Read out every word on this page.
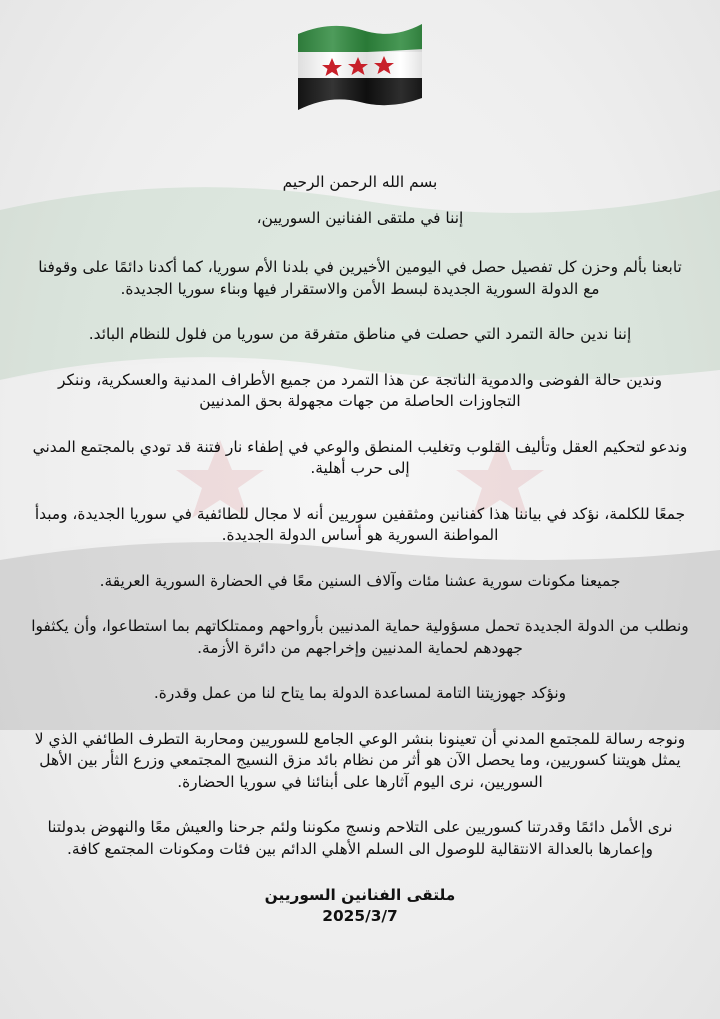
بسم الله الرحمن الرحيم

إننا في ملتقى الفنانين السوريين،

تابعنا بألم وحزن كل تفصيل حصل في اليومين الأخيرين في بلدنا الأم سوريا، كما أكدنا دائمًا على وقوفنا مع الدولة السورية الجديدة لبسط الأمن والاستقرار فيها وبناء سوريا الجديدة.

إننا ندين حالة التمرد التي حصلت في مناطق متفرقة من سوريا من فلول للنظام البائد.

وندين حالة الفوضى والدموية الناتجة عن هذا التمرد من جميع الأطراف المدنية والعسكرية، وننكر التجاوزات الحاصلة من جهات مجهولة بحق المدنيين

وندعو لتحكيم العقل وتأليف القلوب وتغليب المنطق والوعي في إطفاء نار فتنة قد تودي بالمجتمع المدني إلى حرب أهلية.

جمعًا للكلمة، نؤكد في بياننا هذا كفنانين ومثقفين سوريين أنه لا مجال للطائفية في سوريا الجديدة، ومبدأ المواطنة السورية هو أساس الدولة الجديدة.

جميعنا مكونات سورية عشنا مئات وآلاف السنين معًا في الحضارة السورية العريقة.

ونطلب من الدولة الجديدة تحمل مسؤولية حماية المدنيين بأرواحهم وممتلكاتهم بما استطاعوا، وأن يكثفوا جهودهم لحماية المدنيين وإخراجهم من دائرة الأزمة.

ونؤكد جهوزيتنا التامة لمساعدة الدولة بما يتاح لنا من عمل وقدرة.

ونوجه رسالة للمجتمع المدني أن تعينونا بنشر الوعي الجامع للسوريين ومحاربة التطرف الطائفي الذي لا يمثل هويتنا كسوريين، وما يحصل الآن هو أثر من نظام بائد مزق النسيج المجتمعي وزرع الثأر بين الأهل السوريين، نرى اليوم آثارها على أبنائنا في سوريا الحضارة.

نرى الأمل دائمًا وقدرتنا كسوريين على التلاحم ونسج مكوننا ولئم جرحنا والعيش معًا والنهوض بدولتنا وإعمارها بالعدالة الانتقالية للوصول الى السلم الأهلي الدائم بين فئات ومكونات المجتمع كافة.

ملتقى الفنانين السوريين

2025/3/7
